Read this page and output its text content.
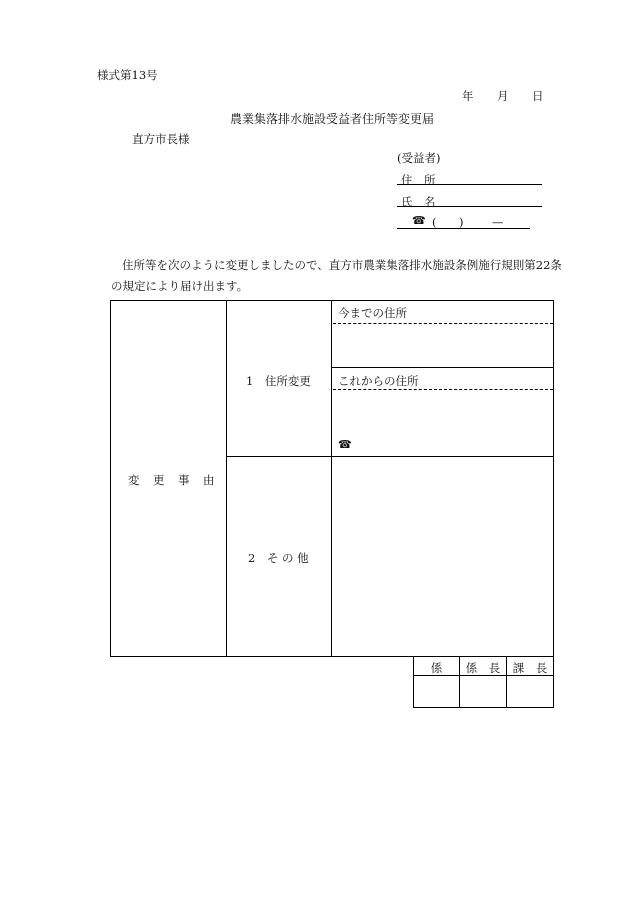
様式第13号
年 月 日
農業集落排水施設受益者住所等変更届
直方市長様
(受益者)
住　所
氏　名
☎ ( ) —
住所等を次のように変更しましたので、直方市農業集落排水施設条例施行規則第22条
の規定により届け出ます。
変　更　事　由
1　住所変更
今までの住所
これからの住所
☎
2　そ の 他
係	係　長	課　長
